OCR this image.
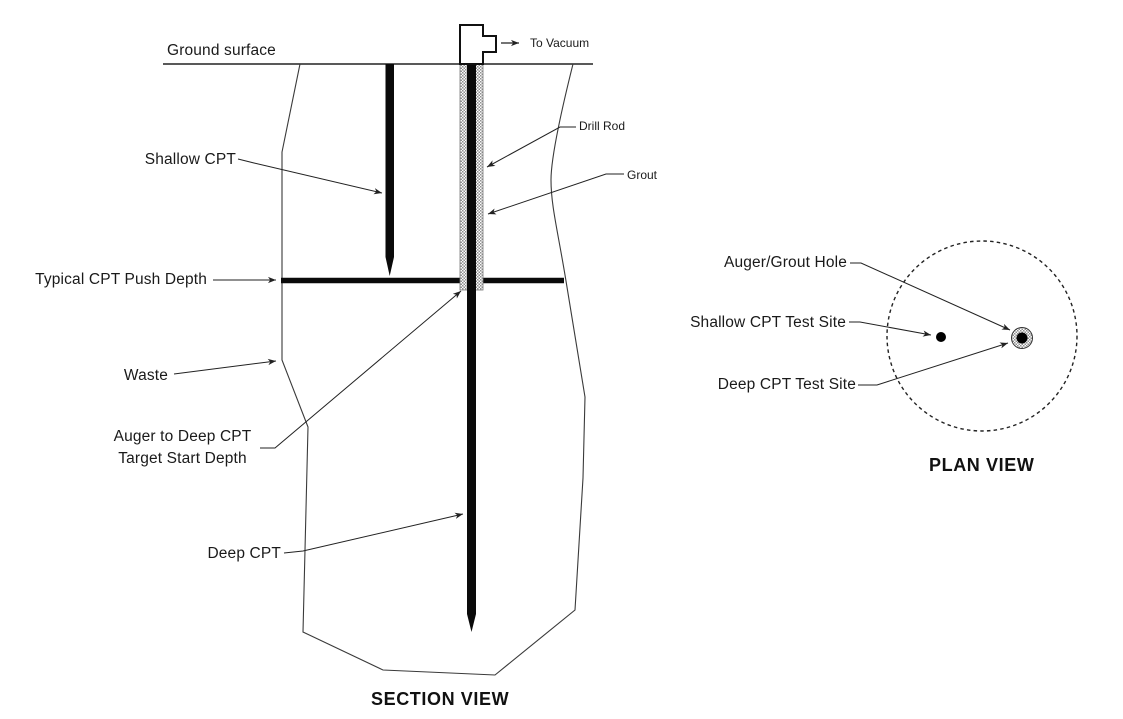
Ground surface
Shallow CPT
Typical CPT Push Depth
Waste
Auger to Deep CPT
Target Start Depth
Deep CPT
Drill Rod
Grout
To Vacuum
SECTION VIEW
Auger/Grout Hole
Shallow CPT Test Site
Deep CPT Test Site
PLAN VIEW
